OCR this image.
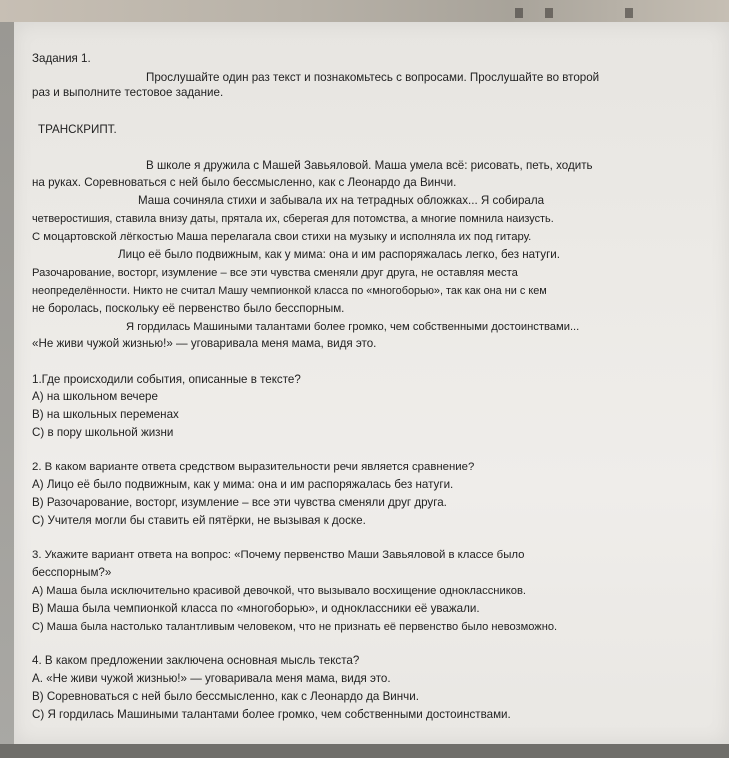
Задания 1.
Прослушайте один раз текст и познакомьтесь с вопросами. Прослушайте во второй
раз и выполните тестовое задание.
ТРАНСКРИПТ.
В школе я дружила с Машей Завьяловой. Маша умела всё: рисовать, петь, ходить
на руках. Соревноваться с ней было бессмысленно, как с Леонардо да Винчи.
Маша сочиняла стихи и забывала их на тетрадных обложках... Я собирала
четверостишия, ставила внизу даты, прятала их, сберегая для потомства, а многие помнила наизусть.
С моцартовской лёгкостью Маша перелагала свои стихи на музыку и исполняла их под гитару.
Лицо её было подвижным, как у мима: она и им распоряжалась легко, без натуги.
Разочарование, восторг, изумление – все эти чувства сменяли друг друга, не оставляя места
неопределённости. Никто не считал Машу чемпионкой класса по «многоборью», так как она ни с кем
не боролась, поскольку её первенство было бесспорным.
Я гордилась Машиными талантами более громко, чем собственными достоинствами...
«Не живи чужой жизнью!» — уговаривала меня мама, видя это.
1.Где происходили события, описанные в тексте?
А) на школьном вечере
В) на школьных переменах
С) в пору школьной жизни
2. В каком варианте ответа средством выразительности речи является сравнение?
А) Лицо её было подвижным, как у мима: она и им распоряжалась без натуги.
В) Разочарование, восторг, изумление – все эти чувства сменяли друг друга.
С) Учителя могли бы ставить ей пятёрки, не вызывая к доске.
3. Укажите вариант ответа на вопрос: «Почему первенство Маши Завьяловой в классе было
бесспорным?»
А) Маша была исключительно красивой девочкой, что вызывало восхищение одноклассников.
В) Маша была чемпионкой класса по «многоборью», и одноклассники её уважали.
С) Маша была настолько талантливым человеком, что не признать её первенство было невозможно.
4. В каком предложении заключена основная мысль текста?
А. «Не живи чужой жизнью!» — уговаривала меня мама, видя это.
В) Соревноваться с ней было бессмысленно, как с Леонардо да Винчи.
С) Я гордилась Машиными талантами более громко, чем собственными достоинствами.
